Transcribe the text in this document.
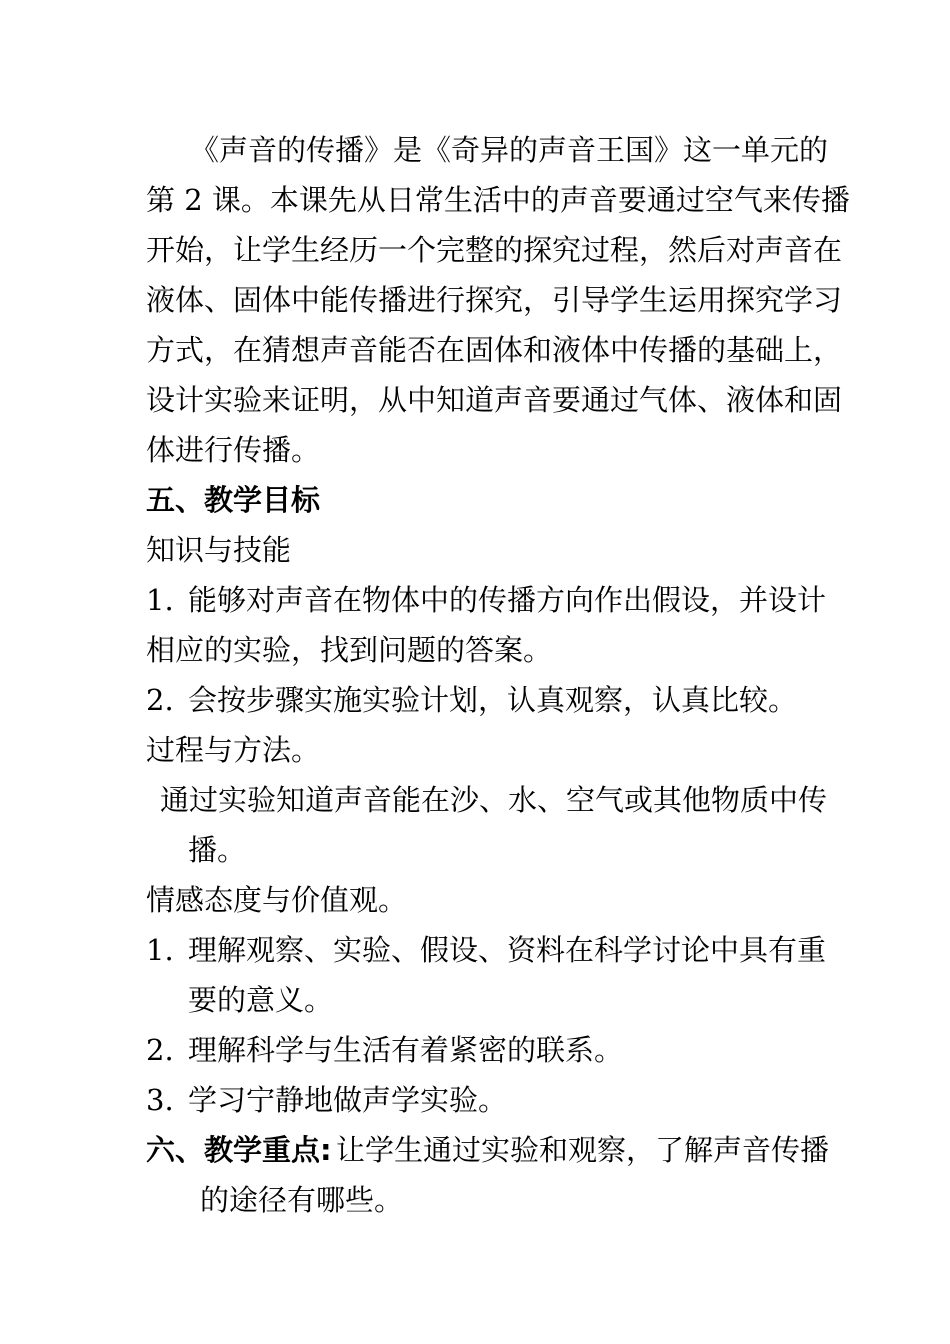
《声音的传播》是《奇异的声音王国》这一单元的
第 2 课。本课先从日常生活中的声音要通过空气来传播
开始，让学生经历一个完整的探究过程，然后对声音在
液体、固体中能传播进行探究，引导学生运用探究学习
方式，在猜想声音能否在固体和液体中传播的基础上，
设计实验来证明，从中知道声音要通过气体、液体和固
体进行传播。
五、教学目标
知识与技能
1. 能够对声音在物体中的传播方向作出假设，并设计
相应的实验，找到问题的答案。
2. 会按步骤实施实验计划，认真观察，认真比较。
过程与方法。
通过实验知道声音能在沙、水、空气或其他物质中传
播。
情感态度与价值观。
1. 理解观察、实验、假设、资料在科学讨论中具有重
要的意义。
2. 理解科学与生活有着紧密的联系。
3. 学习宁静地做声学实验。
六、教学重点: 让学生通过实验和观察，了解声音传播
的途径有哪些。
